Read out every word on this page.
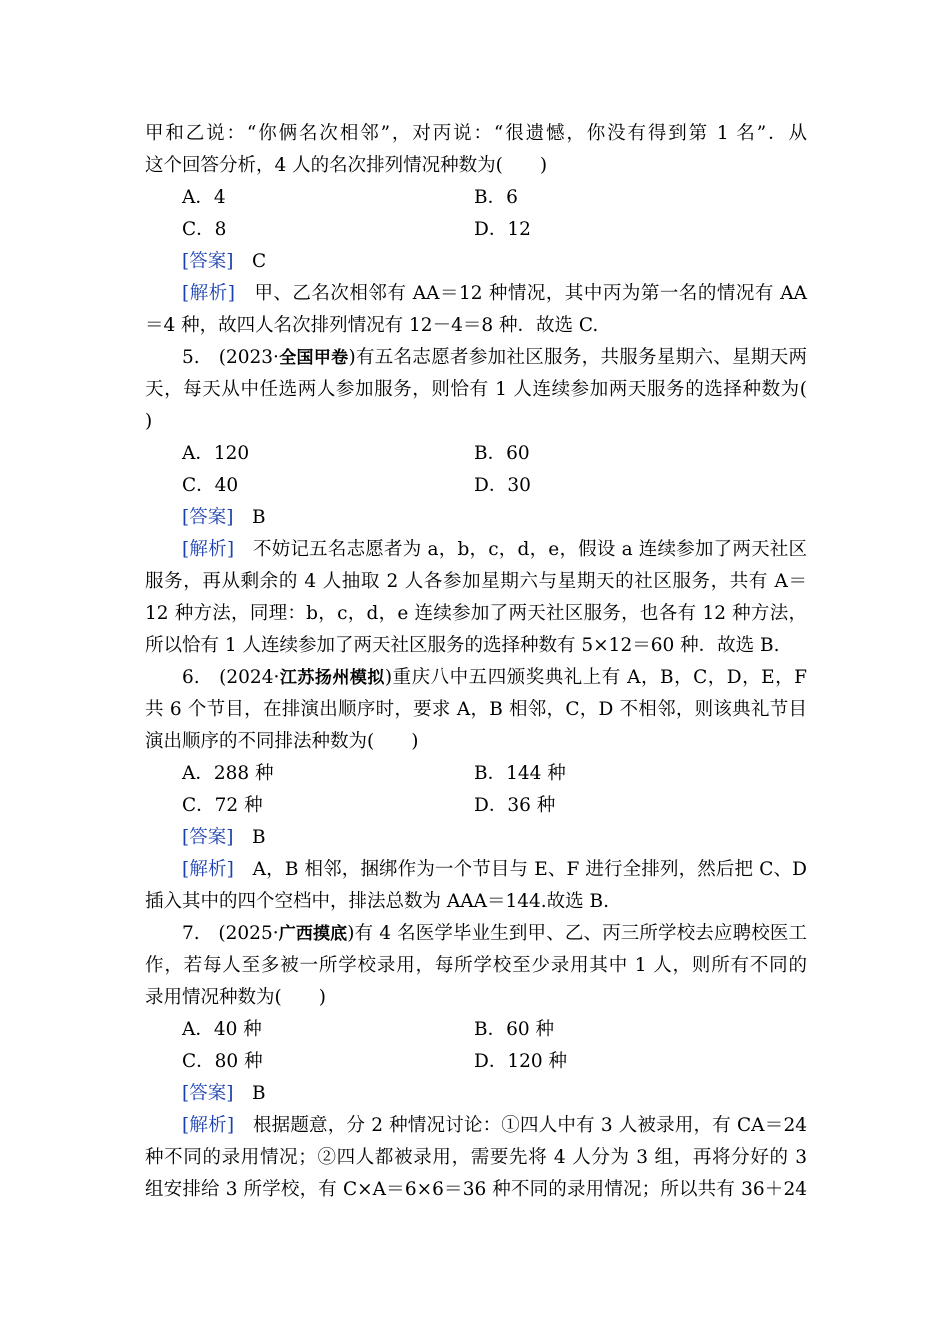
甲和乙说：“你俩名次相邻”，对丙说：“很遗憾，你没有得到第 1 名”．从
这个回答分析，4 人的名次排列情况种数为(　　)
A．4	B．6
C．8	D．12
[答案]　 C
[解析]　 甲、乙名次相邻有 AA＝12 种情况，其中丙为第一名的情况有 AA
＝4 种，故四人名次排列情况有 12－4＝8 种．故选 C.
5.　(2023·全国甲卷)有五名志愿者参加社区服务，共服务星期六、星期天两
天，每天从中任选两人参加服务，则恰有 1 人连续参加两天服务的选择种数为(
)
A．120	B．60
C．40	D．30
[答案]　 B
[解析]　 不妨记五名志愿者为 a，b，c，d，e，假设 a 连续参加了两天社区
服务，再从剩余的 4 人抽取 2 人各参加星期六与星期天的社区服务，共有 A＝
12 种方法，同理：b，c，d，e 连续参加了两天社区服务，也各有 12 种方法，
所以恰有 1 人连续参加了两天社区服务的选择种数有 5×12＝60 种．故选 B.
6.　(2024·江苏扬州模拟)重庆八中五四颁奖典礼上有 A，B，C，D，E，F
共 6 个节目，在排演出顺序时，要求 A，B 相邻，C，D 不相邻，则该典礼节目
演出顺序的不同排法种数为(　　)
A．288 种	B．144 种
C．72 种	D．36 种
[答案]　 B
[解析]　 A，B 相邻，捆绑作为一个节目与 E、F 进行全排列，然后把 C、D
插入其中的四个空档中，排法总数为 AAA＝144.故选 B.
7.　(2025·广西摸底)有 4 名医学毕业生到甲、乙、丙三所学校去应聘校医工
作，若每人至多被一所学校录用，每所学校至少录用其中 1 人，则所有不同的
录用情况种数为(　　)
A．40 种	B．60 种
C．80 种	D．120 种
[答案]　 B
[解析]　 根据题意，分 2 种情况讨论：①四人中有 3 人被录用，有 CA＝24
种不同的录用情况；②四人都被录用，需要先将 4 人分为 3 组，再将分好的 3
组安排给 3 所学校，有 C×A＝6×6＝36 种不同的录用情况；所以共有 36＋24
